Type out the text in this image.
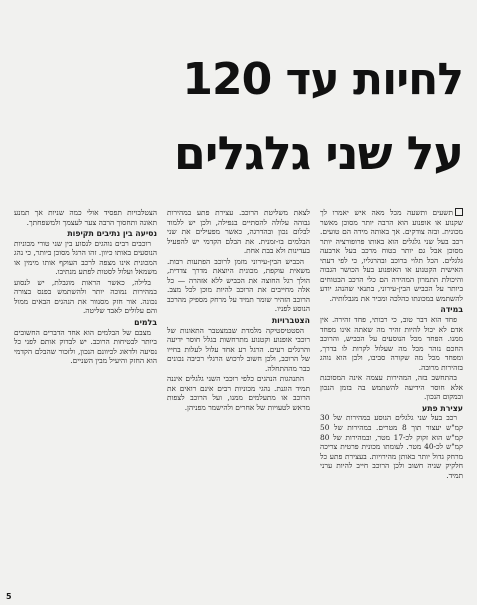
לחיות עד 120
על שני גלגלים

תשעים ותשעה מכל מאה איש יאמרו לך שקנוע או אופנוע הוא הרבה יותר מסוכן מאשר מכונית. ובזה צודקים. אך באותה מידה הם טועים. רכב בעל שני גלגלים הוא באותו פרופורציה יותר מסוכן אבל גם יותר בטוח מרכב בעל ארבעה גלגלים. הכל תלוי ברוכב ובהרגליו, כי לפי דעתי האישית הקטנוע או האופנוע בעל הכושר הגבוה והיכולת התמרון המהירה הם כלי הרכב הבטוחים ביותר על הכביש הבין-עירוני, בתנאי שהנהג יודע להשתמש במכונתו כהלכה ומכיר את מגבלותיה.

במידה

פחד הוא דבר טוב, כי רבותי, פחד זהירה. אין אדם לא יכול להיות זהיר מה שאתה אינו מפחד ממנו. הפחד מכל הנוסעים על הכביש, והרוכב החכם נזהר מכל מה שעלול לקרות לו בדרך, ומפחד מכל מה שקורה סביבו, ולכן הוא נוהג בזהירות מרובה.

בהתחשב בזה, המהירות עצמה אינה המסוכנת אלא חוסר הידיעה להשתמש בה בזמן הנכון ובמקום הנכון.

עצירת פתע

רכב בעל שני גלגלים הנוסע במהירות של 30 קמ"ש יעצור תוך 8 מטרים. במהירות של 50 קמ"ש הוא זקוק לכ-17 מטר, ובמהירות של 80 קמ"ש לכ-40 מטר. לעומתו מכונית פרטית צריכה מרחק גדול יותר באותן מהירויות. בעצירת פתע כל חלקיק שניה חשוב ולכן הרוכב חייב להיות ערני תמיד.

לצאת משליטת הרוכב. עצירת פתע במהירות גבוהה עלולה להסתיים בנפילה, ולכן יש ללמוד לבלום נכון ובהדרגה, כאשר מפעילים את שני הבלמים בו-זמנית. את הבלם הקדמי יש להפעיל בעדינות ולא בבת אחת.

הכביש הבין-עירוני מזמן לרוכב הפתעות רבות. משאית עוקפת, מכונית היוצאת מדרך צדדית, הולך רגל החוצה את הכביש ללא אזהרה — כל אלה מחייבים את הרוכב להיות מוכן לכל מצב. הרוכב הזהיר שומר תמיד על מרחק מספיק מהרכב הנוסע לפניו.

הצטברויות

הסטטיסטיקה מלמדת שבמצטבר התאונות של רוכבי אופנוע וקטנוע מתרחשות בגלל חוסר ידיעה והרגלים רעים. הרגל רע אחד עלול לעלות בחייו של הרוכב, ולכן חשוב לרכוש הרגלי רכיבה נכונים כבר מההתחלה.

התנהגות הנהגים כלפי רוכבי השני גלגלים איננה תמיד הוגנת. נהגי מכוניות רבים אינם רואים את הרוכב או מתעלמים ממנו, ועל הרוכב לצפות מראש לטעויות של אחרים ולהישמר מפניהן.

הצטלבויות תפסיד אולי כמה שניות אך תמנע תאונה ותחסוך הרבה צער לעצמך ולמשפחתך.

נסיעה בין נתיבים תקיפות

רוכבים רבים נוהגים לנסוע בין שני טורי מכוניות הנוסעים באותו כיוון. זהו הרגל מסוכן ביותר, כי נהג המכונית אינו מצפה לרכב העוקף אותו מימין או משמאל ועלול לסטות לפתע מנתיבו.

בלילה, כאשר הראות מוגבלת, יש לנסוע במהירות נמוכה יותר ולהשתמש בפנס בצורה נכונה. אור חזק מסנוור את הנהגים הבאים ממול והם עלולים לאבד שליטה.

בלמים

מצבם של הבלמים הוא אחד הדברים החשובים ביותר לבטיחות הרוכב. יש לבדוק אותם לפני כל נסיעה ולדאוג לכיוונם הנכון, ולזכור שהבלם הקדמי הוא החזק והיעיל מבין השניים.

5
